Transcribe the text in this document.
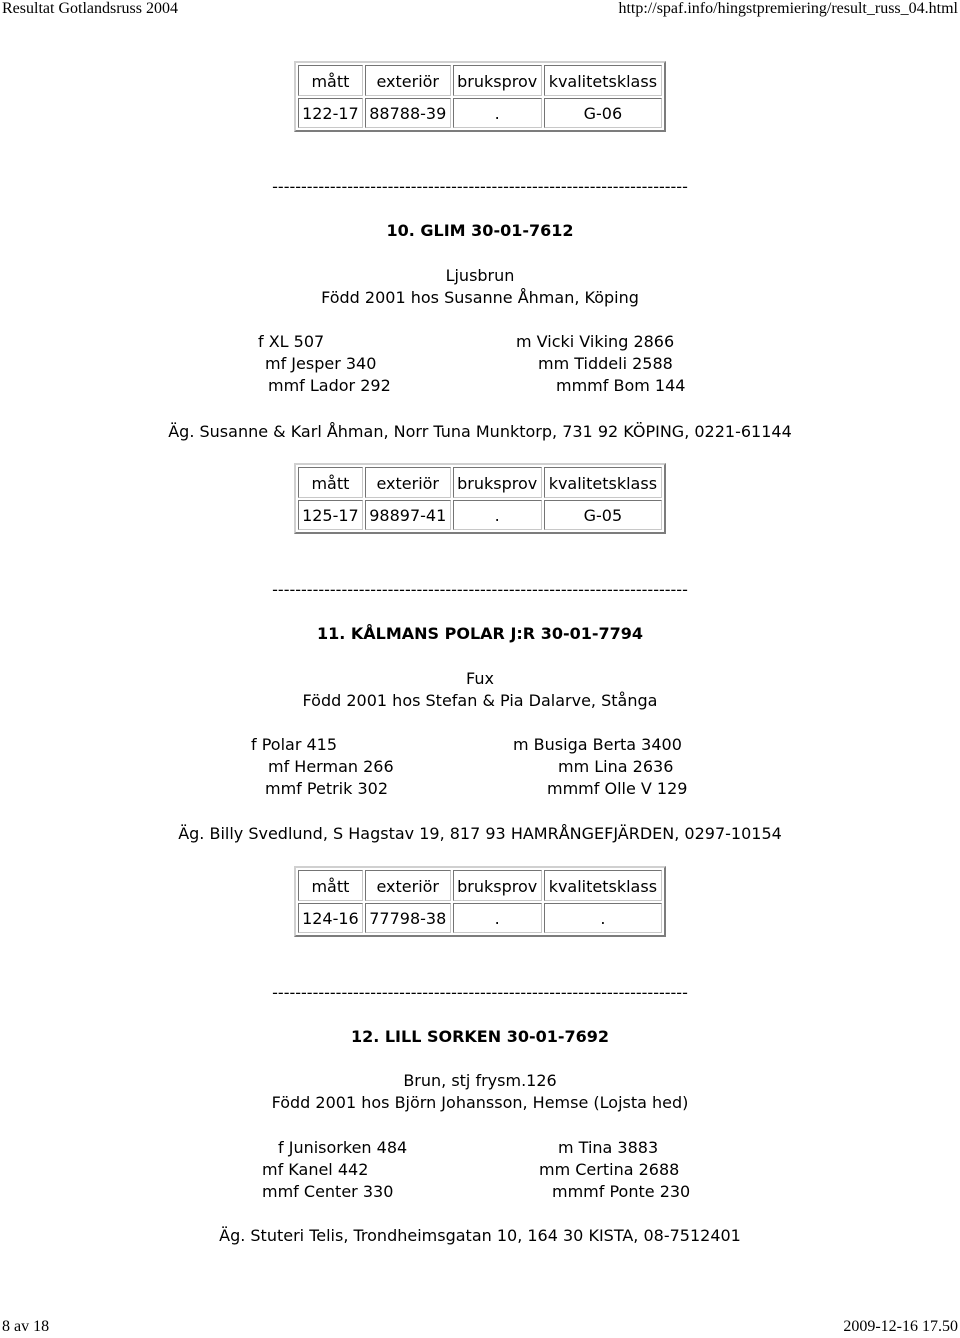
Resultat Gotlandsruss 2004	http://spaf.info/hingstpremiering/result_russ_04.html
mått	exteriör	bruksprov	kvalitetsklass
122-17	88788-39	.	G-06
------------------------------------------------------------------------
10. GLIM 30-01-7612
Ljusbrun
Född 2001 hos Susanne Åhman, Köping
f XL 507	m Vicki Viking 2866
mf Jesper 340	mm Tiddeli 2588
mmf Lador 292	mmmf Bom 144
Äg. Susanne & Karl Åhman, Norr Tuna Munktorp, 731 92 KÖPING, 0221-61144
mått	exteriör	bruksprov	kvalitetsklass
125-17	98897-41	.	G-05
------------------------------------------------------------------------
11. KÅLMANS POLAR J:R 30-01-7794
Fux
Född 2001 hos Stefan & Pia Dalarve, Stånga
f Polar 415	m Busiga Berta 3400
mf Herman 266	mm Lina 2636
mmf Petrik 302	mmmf Olle V 129
Äg. Billy Svedlund, S Hagstav 19, 817 93 HAMRÅNGEFJÄRDEN, 0297-10154
mått	exteriör	bruksprov	kvalitetsklass
124-16	77798-38	.	.
------------------------------------------------------------------------
12. LILL SORKEN 30-01-7692
Brun, stj frysm.126
Född 2001 hos Björn Johansson, Hemse (Lojsta hed)
f Junisorken 484	m Tina 3883
mf Kanel 442	mm Certina 2688
mmf Center 330	mmmf Ponte 230
Äg. Stuteri Telis, Trondheimsgatan 10, 164 30 KISTA, 08-7512401
8 av 18	2009-12-16 17.50
